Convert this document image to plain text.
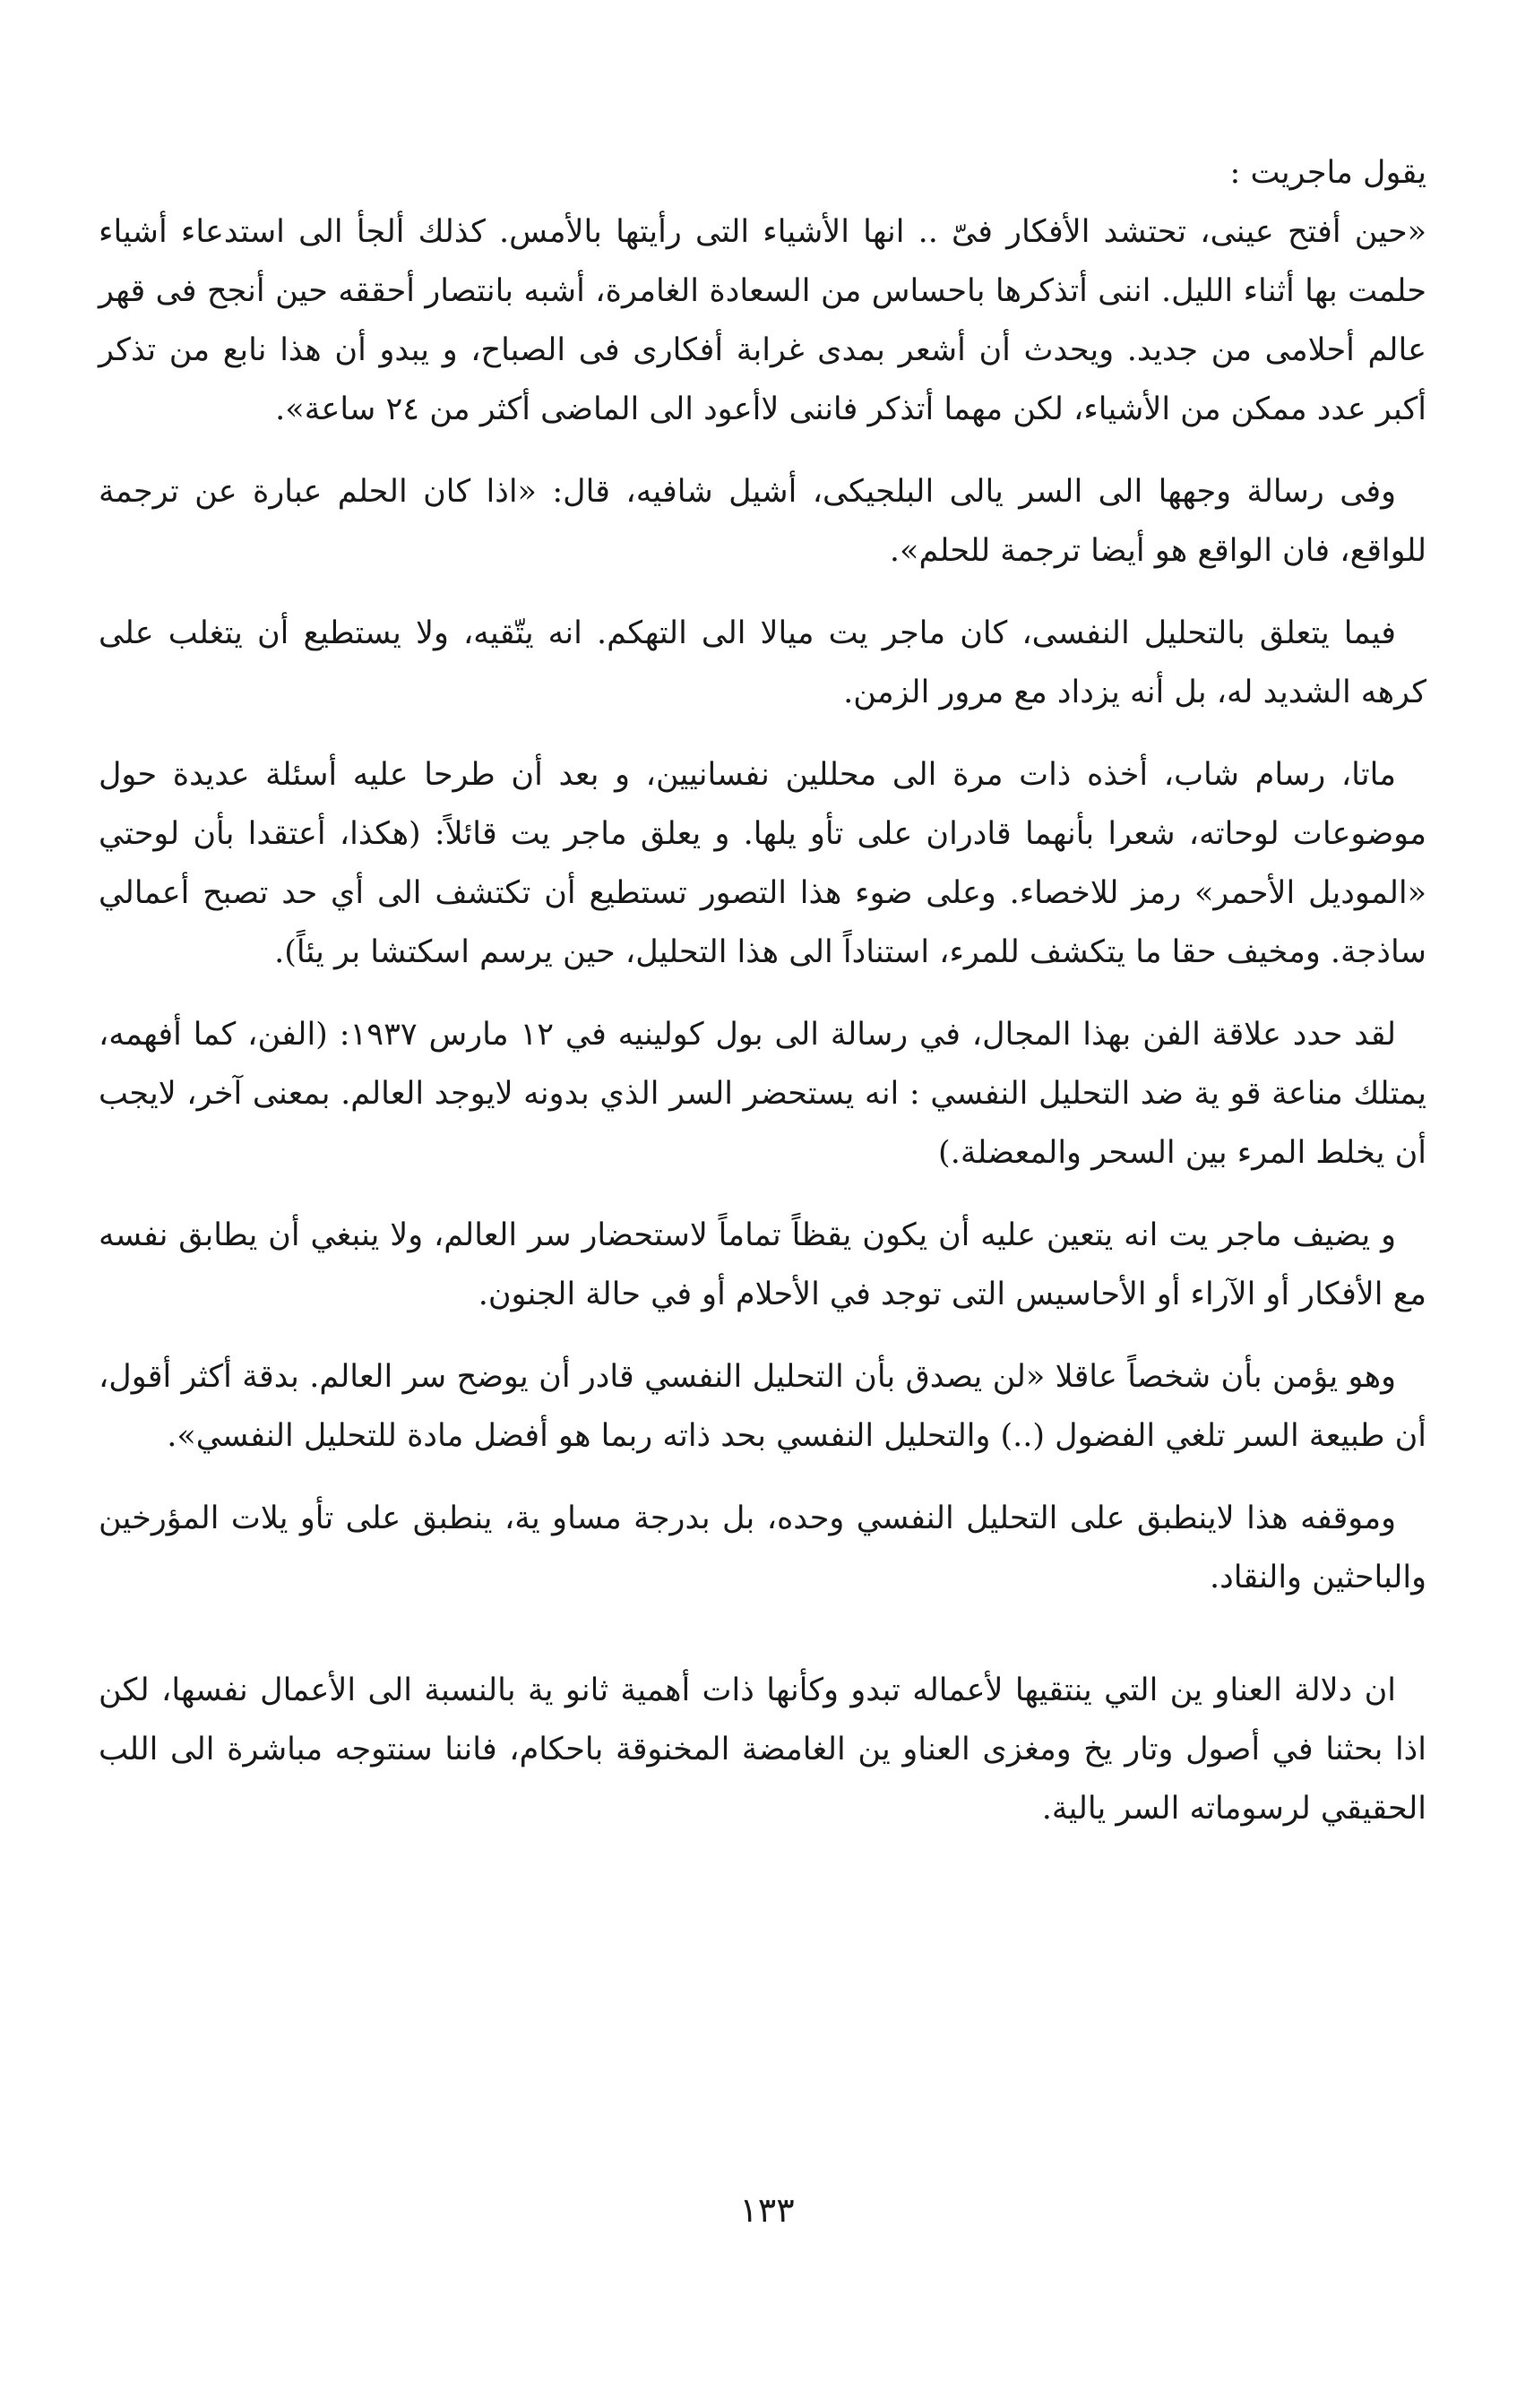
يقول ماجريت :

«حين أفتح عينى، تحتشد الأفكار فىّ .. انها الأشياء التى رأيتها بالأمس. كذلك ألجأ الى استدعاء أشياء حلمت بها أثناء الليل. اننى أتذكرها باحساس من السعادة الغامرة، أشبه بانتصار أحققه حين أنجح فى قهر عالم أحلامى من جديد. ويحدث أن أشعر بمدى غرابة أفكارى فى الصباح، و يبدو أن هذا نابع من تذكر أكبر عدد ممكن من الأشياء، لكن مهما أتذكر فاننى لاأعود الى الماضى أكثر من ٢٤ ساعة».

وفى رسالة وجهها الى السر يالى البلجيكى، أشيل شافيه، قال: «اذا كان الحلم عبارة عن ترجمة للواقع، فان الواقع هو أيضا ترجمة للحلم».

فيما يتعلق بالتحليل النفسى، كان ماجر يت ميالا الى التهكم. انه يتّقيه، ولا يستطيع أن يتغلب على كرهه الشديد له، بل أنه يزداد مع مرور الزمن.

ماتا، رسام شاب، أخذه ذات مرة الى محللين نفسانيين، و بعد أن طرحا عليه أسئلة عديدة حول موضوعات لوحاته، شعرا بأنهما قادران على تأو يلها. و يعلق ماجر يت قائلاً: (هكذا، أعتقدا بأن لوحتي «الموديل الأحمر» رمز للاخصاء. وعلى ضوء هذا التصور تستطيع أن تكتشف الى أي حد تصبح أعمالي ساذجة. ومخيف حقا ما يتكشف للمرء، استناداً الى هذا التحليل، حين يرسم اسكتشا بر يئاً).

لقد حدد علاقة الفن بهذا المجال، في رسالة الى بول كولينيه في ١٢ مارس ١٩٣٧: (الفن، كما أفهمه، يمتلك مناعة قو ية ضد التحليل النفسي : انه يستحضر السر الذي بدونه لايوجد العالم. بمعنى آخر، لايجب أن يخلط المرء بين السحر والمعضلة.)

و يضيف ماجر يت انه يتعين عليه أن يكون يقظاً تماماً لاستحضار سر العالم، ولا ينبغي أن يطابق نفسه مع الأفكار أو الآراء أو الأحاسيس التى توجد في الأحلام أو في حالة الجنون.

وهو يؤمن بأن شخصاً عاقلا «لن يصدق بأن التحليل النفسي قادر أن يوضح سر العالم. بدقة أكثر أقول، أن طبيعة السر تلغي الفضول (..) والتحليل النفسي بحد ذاته ربما هو أفضل مادة للتحليل النفسي».

وموقفه هذا لاينطبق على التحليل النفسي وحده، بل بدرجة مساو ية، ينطبق على تأو يلات المؤرخين والباحثين والنقاد.

ان دلالة العناو ين التي ينتقيها لأعماله تبدو وكأنها ذات أهمية ثانو ية بالنسبة الى الأعمال نفسها، لكن اذا بحثنا في أصول وتار يخ ومغزى العناو ين الغامضة المخنوقة باحكام، فاننا سنتوجه مباشرة الى اللب الحقيقي لرسوماته السر يالية.

١٣٣
